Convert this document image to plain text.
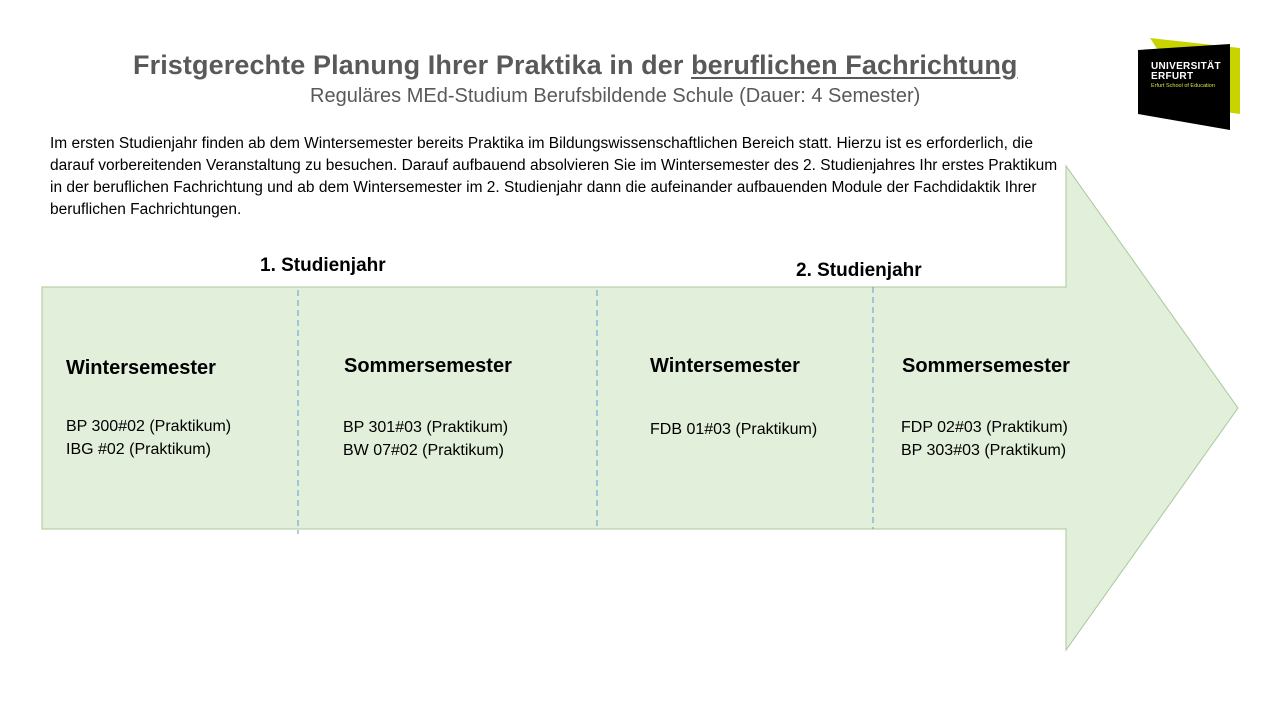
Fristgerechte Planung Ihrer Praktika in der beruflichen Fachrichtung
Reguläres MEd-Studium Berufsbildende Schule (Dauer: 4 Semester)
Im ersten Studienjahr finden ab dem Wintersemester bereits Praktika im Bildungswissenschaftlichen Bereich statt. Hierzu ist es erforderlich, die darauf vorbereitenden Veranstaltung zu besuchen. Darauf aufbauend absolvieren Sie im Wintersemester des 2. Studienjahres Ihr erstes Praktikum in der beruflichen Fachrichtung und ab dem Wintersemester im 2. Studienjahr dann die aufeinander aufbauenden Module der Fachdidaktik Ihrer beruflichen Fachrichtungen.
1. Studienjahr	2. Studienjahr
Wintersemester
BP 300#02 (Praktikum)
IBG #02 (Praktikum)
Sommersemester
BP 301#03 (Praktikum)
BW 07#02 (Praktikum)
Wintersemester
FDB 01#03 (Praktikum)
Sommersemester
FDP 02#03 (Praktikum)
BP 303#03 (Praktikum)
UNIVERSITÄT
ERFURT
Erfurt School of Education
